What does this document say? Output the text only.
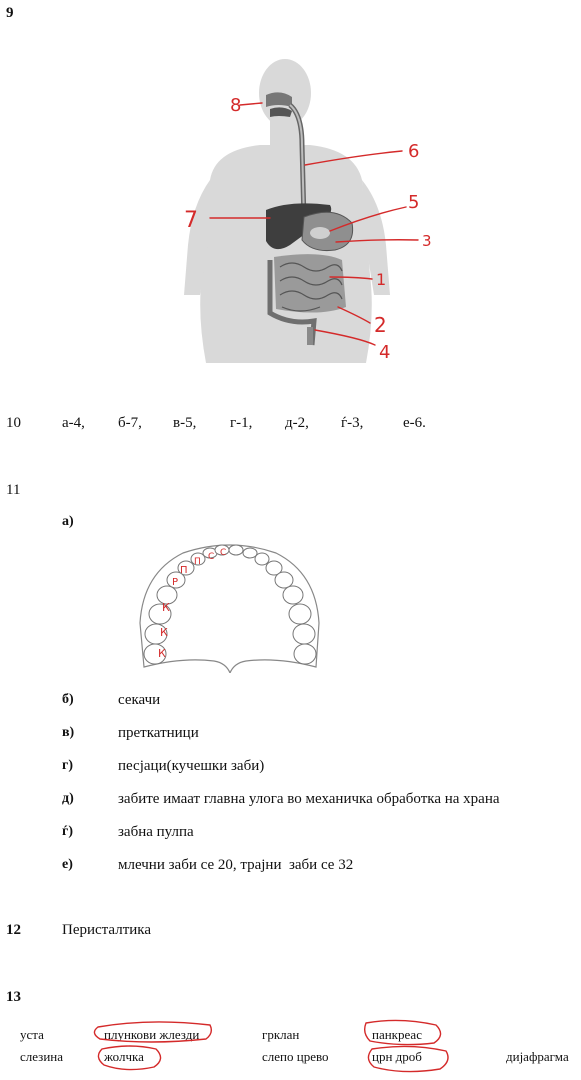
9
8
6
7
5
3
1
2
4
10	а-4, б-7, в-5, г-1, д-2, ѓ-3,	е-6.
11
а)
С
С
П
П
Р
К
К
К
б)	секачи
в)	преткатници
г)	песјаци(кучешки заби)
д)	забите имаат главна улога во механичка обработка на храна
ѓ)	забна пулпа
е)	млечни заби се 20, трајни  заби се 32
12	Перисталтика
13
уста	плункови жлезди	грклан	панкреас
слезина	жолчка	слепо црево	црн дроб	дијафрагма
